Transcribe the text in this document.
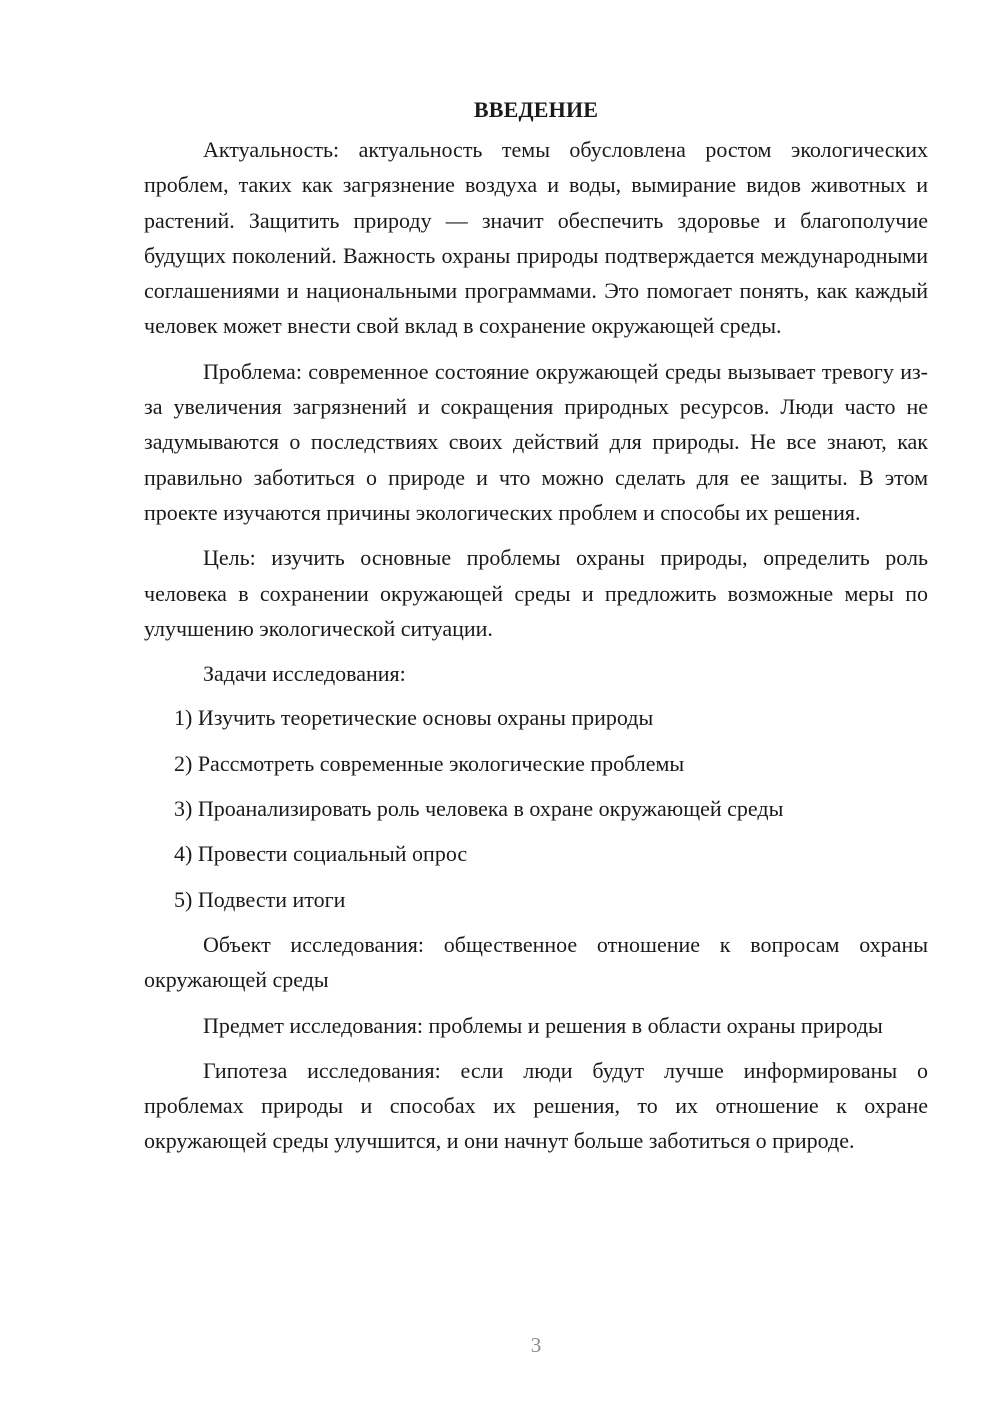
ВВЕДЕНИЕ

Актуальность: актуальность темы обусловлена ростом экологических проблем, таких как загрязнение воздуха и воды, вымирание видов животных и растений. Защитить природу — значит обеспечить здоровье и благополучие будущих поколений. Важность охраны природы подтверждается международными соглашениями и национальными программами. Это помогает понять, как каждый человек может внести свой вклад в сохранение окружающей среды.

Проблема: современное состояние окружающей среды вызывает тревогу из-за увеличения загрязнений и сокращения природных ресурсов. Люди часто не задумываются о последствиях своих действий для природы. Не все знают, как правильно заботиться о природе и что можно сделать для ее защиты. В этом проекте изучаются причины экологических проблем и способы их решения.

Цель: изучить основные проблемы охраны природы, определить роль человека в сохранении окружающей среды и предложить возможные меры по улучшению экологической ситуации.

Задачи исследования:

1) Изучить теоретические основы охраны природы
2) Рассмотреть современные экологические проблемы
3) Проанализировать роль человека в охране окружающей среды
4) Провести социальный опрос
5) Подвести итоги

Объект исследования: общественное отношение к вопросам охраны окружающей среды

Предмет исследования: проблемы и решения в области охраны природы

Гипотеза исследования: если люди будут лучше информированы о проблемах природы и способах их решения, то их отношение к охране окружающей среды улучшится, и они начнут больше заботиться о природе.

3
